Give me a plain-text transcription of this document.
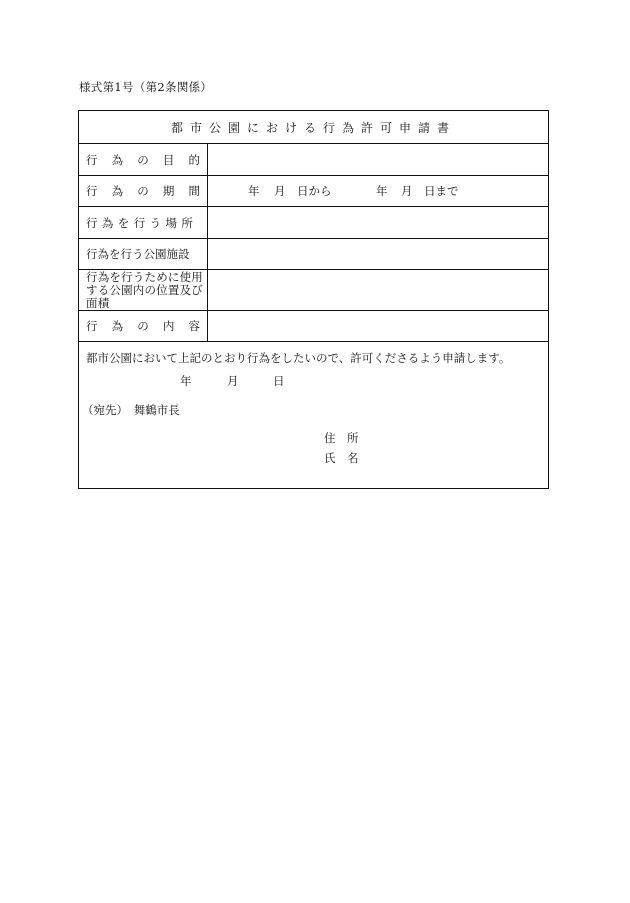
様式第1号（第2条関係）
都市公園における行為許可申請書
行 為 の 目 的
行 為 の 期 間	年 月 日から	年 月 日まで
行為を行う場所
行為を行う公園施設
行為を行うために使用する公園内の位置及び面積
行 為 の 内 容
都市公園において上記のとおり行為をしたいので、許可くださるよう申請します。
年	月	日
（宛先）　舞鶴市長
住　所
氏　名
